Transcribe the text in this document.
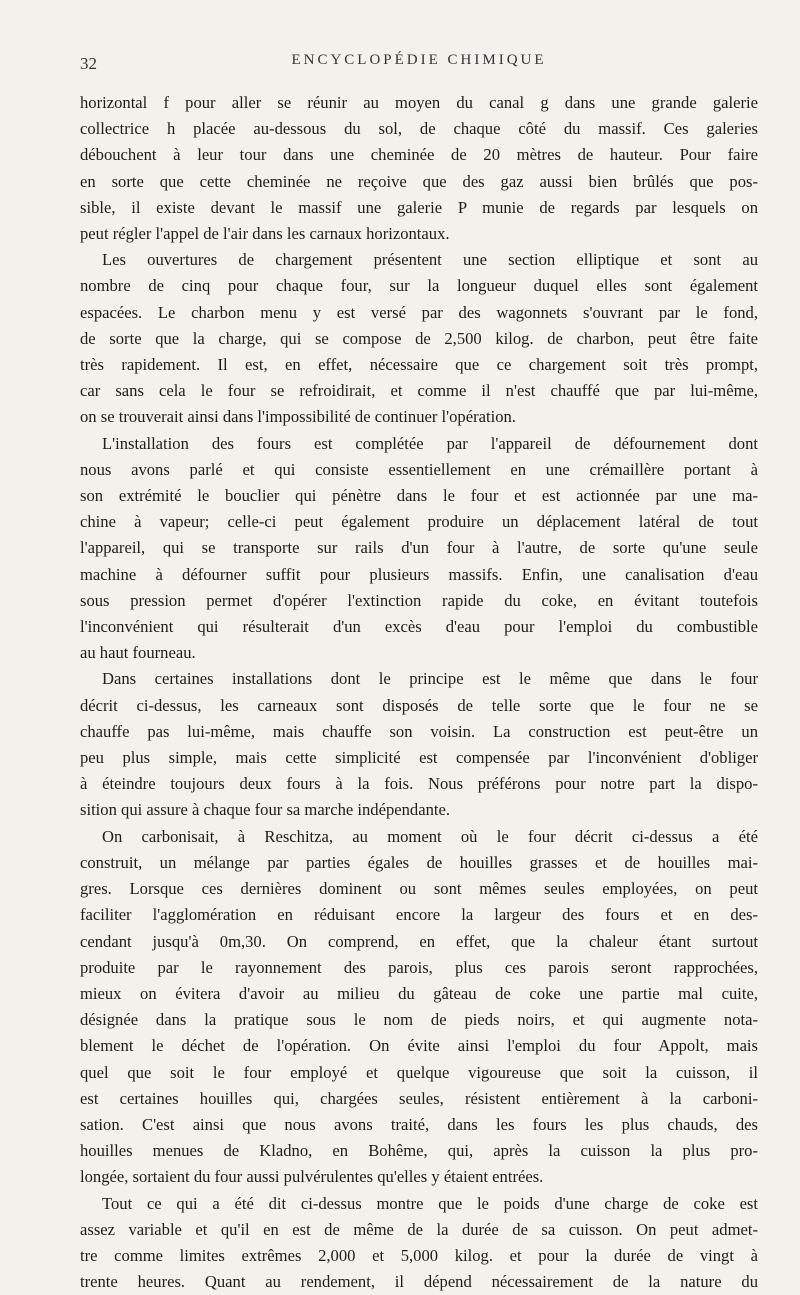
32	ENCYCLOPÉDIE CHIMIQUE
horizontal f pour aller se réunir au moyen du canal g dans une grande galerie
collectrice h placée au-dessous du sol, de chaque côté du massif. Ces galeries
débouchent à leur tour dans une cheminée de 20 mètres de hauteur. Pour faire
en sorte que cette cheminée ne reçoive que des gaz aussi bien brûlés que pos-
sible, il existe devant le massif une galerie P munie de regards par lesquels on
peut régler l'appel de l'air dans les carnaux horizontaux.
Les ouvertures de chargement présentent une section elliptique et sont au
nombre de cinq pour chaque four, sur la longueur duquel elles sont également
espacées. Le charbon menu y est versé par des wagonnets s'ouvrant par le fond,
de sorte que la charge, qui se compose de 2,500 kilog. de charbon, peut être faite
très rapidement. Il est, en effet, nécessaire que ce chargement soit très prompt,
car sans cela le four se refroidirait, et comme il n'est chauffé que par lui-même,
on se trouverait ainsi dans l'impossibilité de continuer l'opération.
L'installation des fours est complétée par l'appareil de défournement dont
nous avons parlé et qui consiste essentiellement en une crémaillère portant à
son extrémité le bouclier qui pénètre dans le four et est actionnée par une ma-
chine à vapeur; celle-ci peut également produire un déplacement latéral de tout
l'appareil, qui se transporte sur rails d'un four à l'autre, de sorte qu'une seule
machine à défourner suffit pour plusieurs massifs. Enfin, une canalisation d'eau
sous pression permet d'opérer l'extinction rapide du coke, en évitant toutefois
l'inconvénient qui résulterait d'un excès d'eau pour l'emploi du combustible
au haut fourneau.
Dans certaines installations dont le principe est le même que dans le four
décrit ci-dessus, les carneaux sont disposés de telle sorte que le four ne se
chauffe pas lui-même, mais chauffe son voisin. La construction est peut-être un
peu plus simple, mais cette simplicité est compensée par l'inconvénient d'obliger
à éteindre toujours deux fours à la fois. Nous préférons pour notre part la dispo-
sition qui assure à chaque four sa marche indépendante.
On carbonisait, à Reschitza, au moment où le four décrit ci-dessus a été
construit, un mélange par parties égales de houilles grasses et de houilles mai-
gres. Lorsque ces dernières dominent ou sont mêmes seules employées, on peut
faciliter l'agglomération en réduisant encore la largeur des fours et en des-
cendant jusqu'à 0m,30. On comprend, en effet, que la chaleur étant surtout
produite par le rayonnement des parois, plus ces parois seront rapprochées,
mieux on évitera d'avoir au milieu du gâteau de coke une partie mal cuite,
désignée dans la pratique sous le nom de pieds noirs, et qui augmente nota-
blement le déchet de l'opération. On évite ainsi l'emploi du four Appolt, mais
quel que soit le four employé et quelque vigoureuse que soit la cuisson, il
est certaines houilles qui, chargées seules, résistent entièrement à la carboni-
sation. C'est ainsi que nous avons traité, dans les fours les plus chauds, des
houilles menues de Kladno, en Bohême, qui, après la cuisson la plus pro-
longée, sortaient du four aussi pulvérulentes qu'elles y étaient entrées.
Tout ce qui a été dit ci-dessus montre que le poids d'une charge de coke est
assez variable et qu'il en est de même de la durée de sa cuisson. On peut admet-
tre comme limites extrêmes 2,000 et 5,000 kilog. et pour la durée de vingt à
trente heures. Quant au rendement, il dépend nécessairement de la nature du
